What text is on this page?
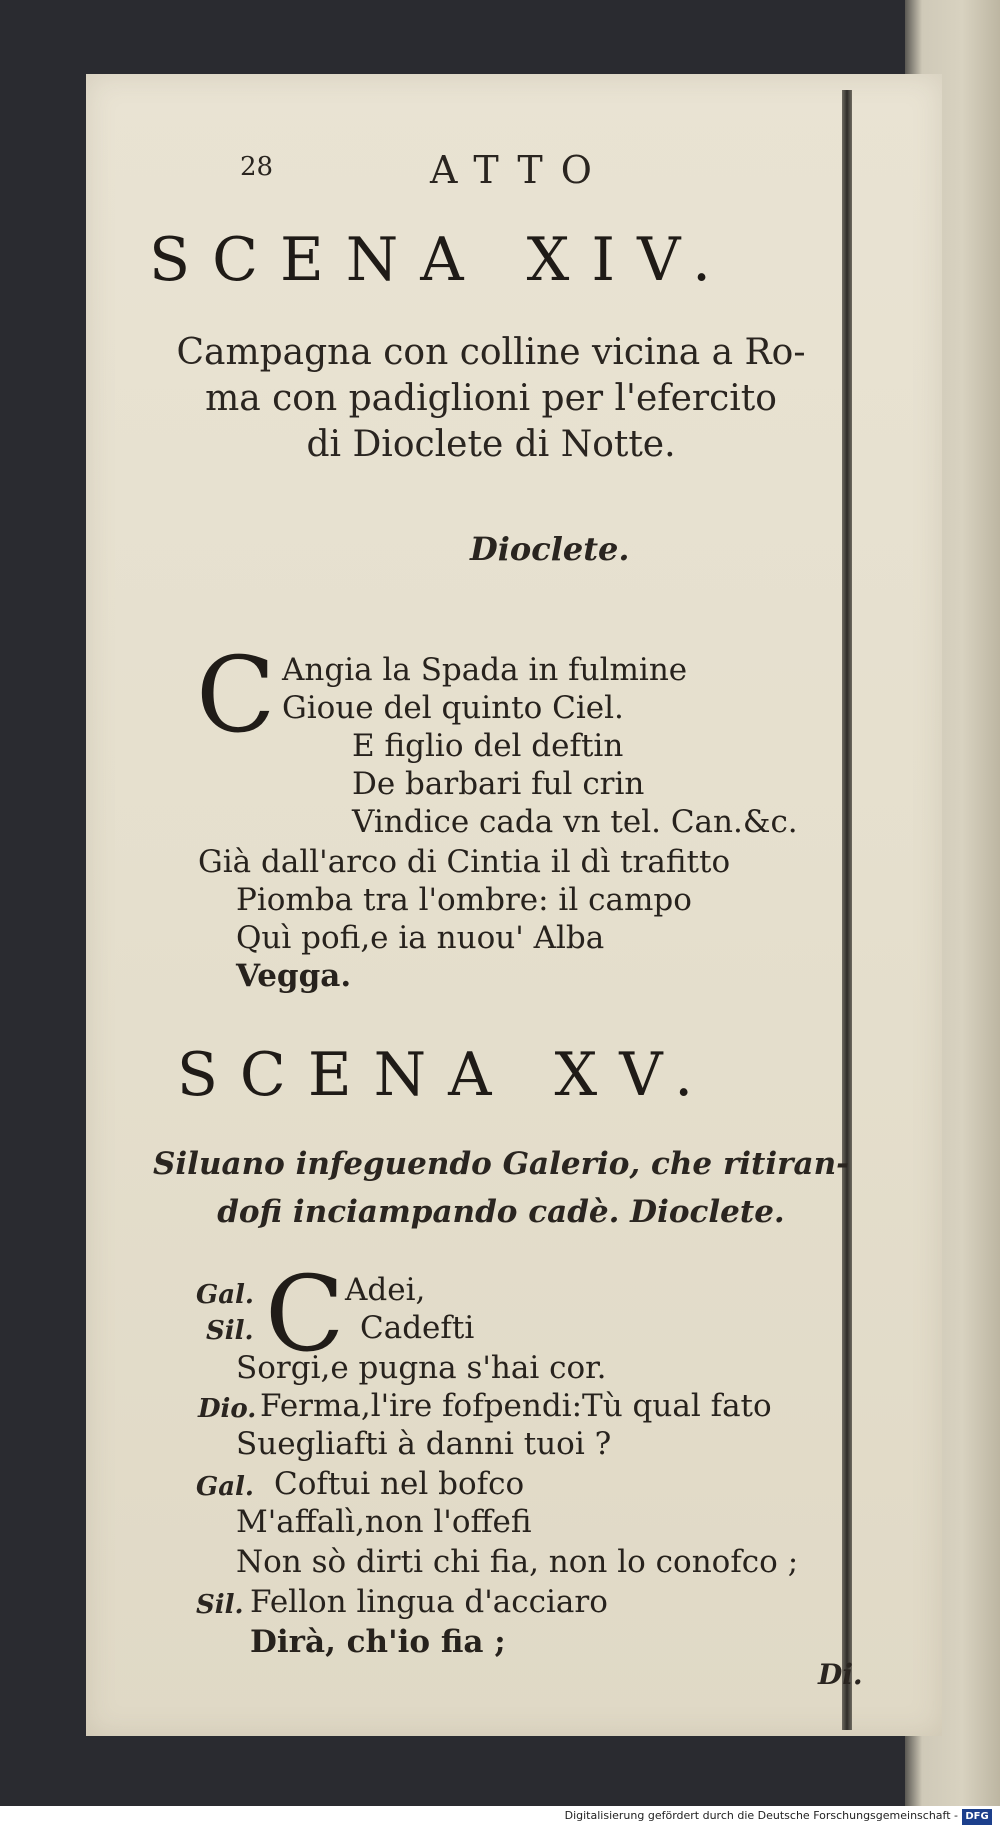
28	ATTO
SCENA XIV.
Campagna con colline vicina a Ro-
ma con padiglioni per l'efercito
di Dioclete di Notte.
Dioclete.
C Angia la Spada in fulmine
Gioue del quinto Ciel.
E figlio del deftin
De barbari ful crin
Vindice cada vn tel. Can.&c.
Già dall'arco di Cintia il dì trafitto
Piomba tra l'ombre: il campo
Quì pofi,e ia nuou' Alba
Vegga.
SCENA XV.
Siluano infeguendo Galerio, che ritiran-
dofi inciampando cadè. Dioclete.
C
Gal.	Adei,
Sil.	Cadefti
Sorgi,e pugna s'hai cor.
Dio. Ferma,l'ire fofpendi:Tù qual fato
Suegliafti à danni tuoi ?
Gal. Coftui nel bofco
M'affalì,non l'offefi
Non sò dirti chi fia, non lo conofco ;
Sil. Fellon lingua d'acciaro
Dirà, ch'io fia ;
Di.
Digitalisierung gefördert durch die Deutsche Forschungsgemeinschaft - DFG
